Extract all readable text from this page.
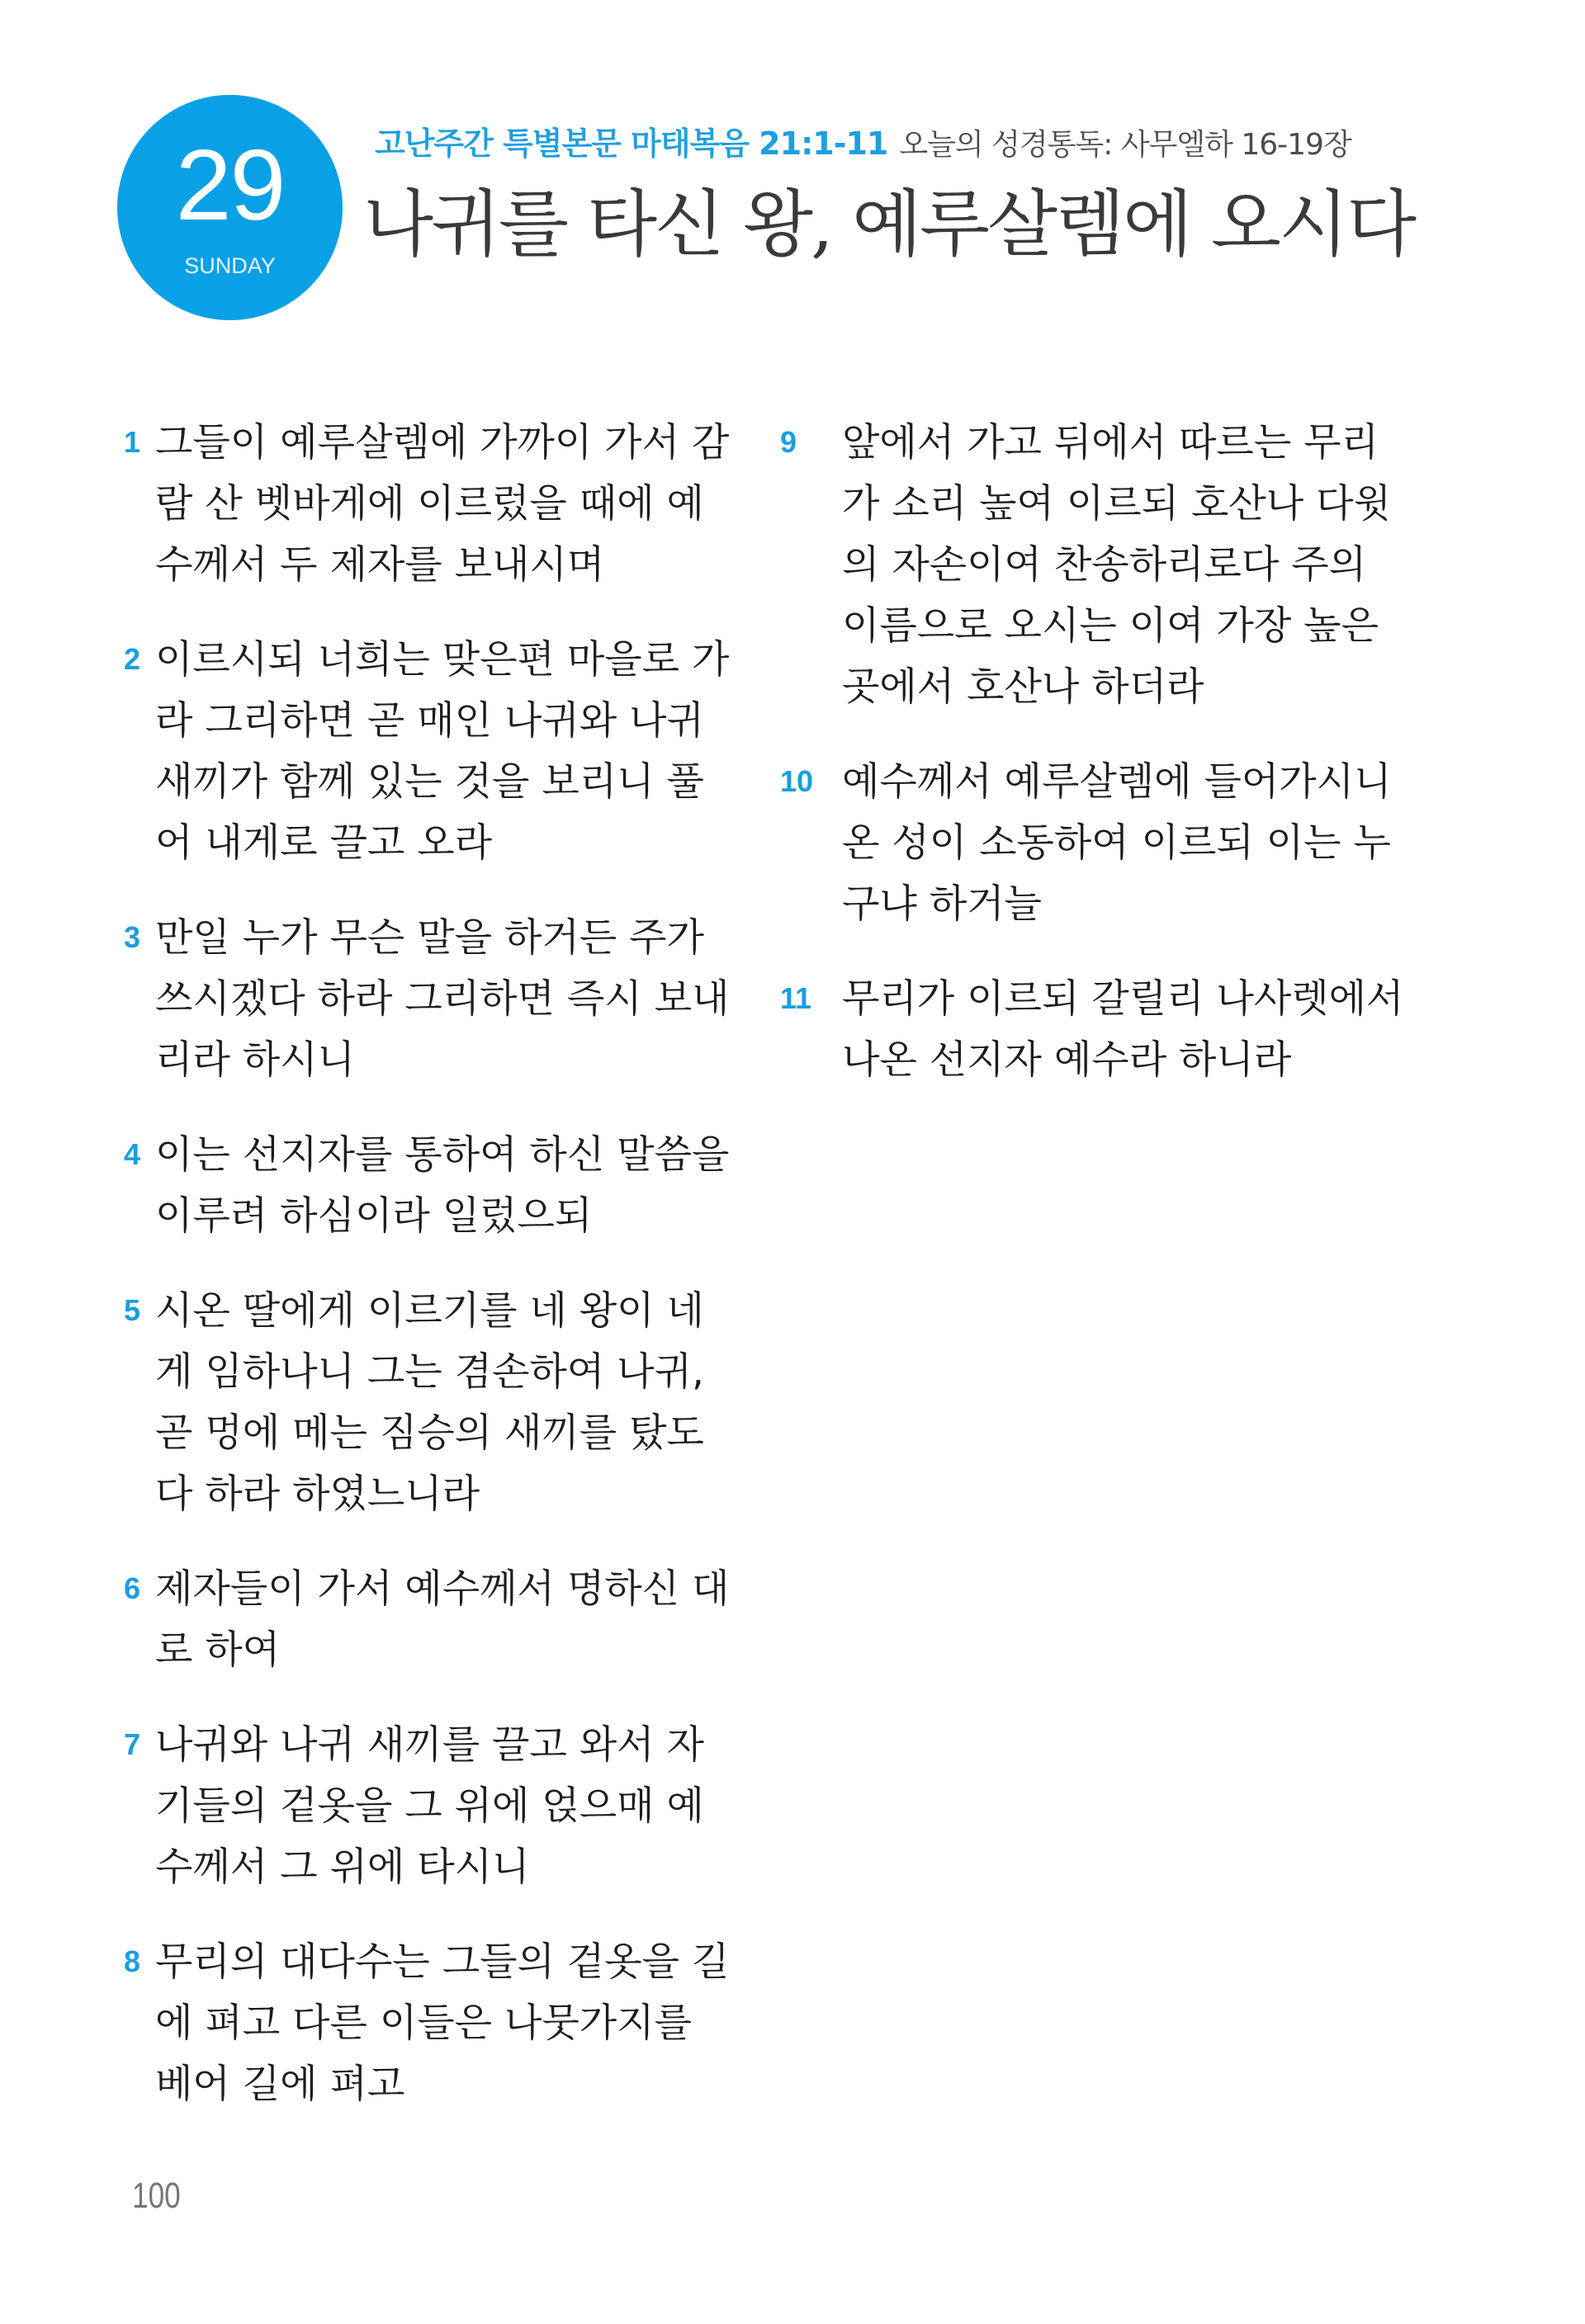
29
SUNDAY
고난주간 특별본문 마태복음 21:1-11 오늘의 성경통독: 사무엘하 16-19장
나귀를 타신 왕, 예루살렘에 오시다
1 그들이 예루살렘에 가까이 가서 감
람 산 벳바게에 이르렀을 때에 예
수께서 두 제자를 보내시며
2 이르시되 너희는 맞은편 마을로 가
라 그리하면 곧 매인 나귀와 나귀
새끼가 함께 있는 것을 보리니 풀
어 내게로 끌고 오라
3 만일 누가 무슨 말을 하거든 주가
쓰시겠다 하라 그리하면 즉시 보내
리라 하시니
4 이는 선지자를 통하여 하신 말씀을
이루려 하심이라 일렀으되
5 시온 딸에게 이르기를 네 왕이 네
게 임하나니 그는 겸손하여 나귀,
곧 멍에 메는 짐승의 새끼를 탔도
다 하라 하였느니라
6 제자들이 가서 예수께서 명하신 대
로 하여
7 나귀와 나귀 새끼를 끌고 와서 자
기들의 겉옷을 그 위에 얹으매 예
수께서 그 위에 타시니
8 무리의 대다수는 그들의 겉옷을 길
에 펴고 다른 이들은 나뭇가지를
베어 길에 펴고
9 앞에서 가고 뒤에서 따르는 무리
가 소리 높여 이르되 호산나 다윗
의 자손이여 찬송하리로다 주의
이름으로 오시는 이여 가장 높은
곳에서 호산나 하더라
10 예수께서 예루살렘에 들어가시니
온 성이 소동하여 이르되 이는 누
구냐 하거늘
11 무리가 이르되 갈릴리 나사렛에서
나온 선지자 예수라 하니라
100
